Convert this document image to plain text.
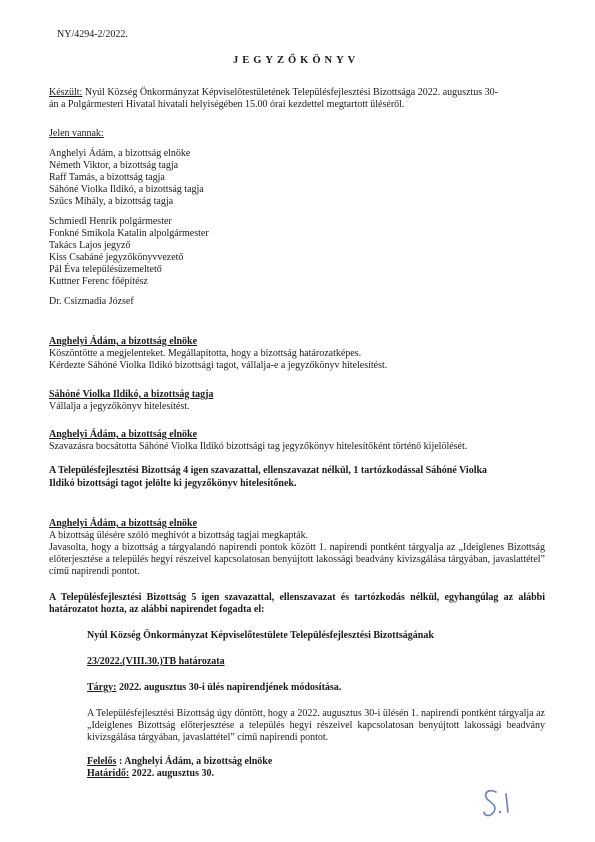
NY/4294-2/2022.
JEGYZŐKÖNYV
Készült: Nyúl Község Önkormányzat Képviselőtestületének Településfejlesztési Bizottsága 2022. augusztus 30-
án a Polgármesteri Hivatal hivatali helyiségében 15.00 órai kezdettel megtartott üléséről.
Jelen vannak:
Anghelyi Ádám, a bizottság elnöke
Németh Viktor, a bizottság tagja
Raff Tamás, a bizottság tagja
Sáhóné Violka Ildikó, a bizottság tagja
Szűcs Mihály, a bizottság tagja
Schmiedl Henrik polgármester
Fonkné Smikola Katalin alpolgármester
Takács Lajos jegyző
Kiss Csabáné jegyzőkönyvvezető
Pál Éva településüzemeltető
Kuttner Ferenc főépítész
Dr. Csizmadia József
Anghelyi Ádám, a bizottság elnöke
Köszöntötte a megjelenteket. Megállapította, hogy a bizottság határozatképes.
Kérdezte Sáhóné Violka Ildikó bizottsági tagot, vállalja-e a jegyzőkönyv hitelesítést.
Sáhóné Violka Ildikó, a bizottság tagja
Vállalja a jegyzőkönyv hitelesítést.
Anghelyi Ádám, a bizottság elnöke
Szavazásra bocsátotta Sáhóné Violka Ildikó bizottsági tag jegyzőkönyv hitelesítőként történő kijelölését.
A Településfejlesztési Bizottság 4 igen szavazattal, ellenszavazat nélkül, 1 tartózkodással Sáhóné Violka
Ildikó bizottsági tagot jelölte ki jegyzőkönyv hitelesítőnek.
Anghelyi Ádám, a bizottság elnöke
A bizottság ülésére szóló meghívót a bizottság tagjai megkapták.
Javasolta, hogy a bizottság a tárgyalandó napirendi pontok között 1. napirendi pontként tárgyalja az „Ideiglenes Bizottság előterjesztése a település hegyi részeivel kapcsolatosan benyújtott lakossági beadvány kivizsgálása tárgyában, javaslattétel” című napirendi pontot.
A Településfejlesztési Bizottság 5 igen szavazattal, ellenszavazat és tartózkodás nélkül, egyhangúlag az alábbi határozatot hozta, az alábbi napirendet fogadta el:
Nyúl Község Önkormányzat Képviselőtestülete Településfejlesztési Bizottságának
23/2022.(VIII.30.)TB határozata
Tárgy: 2022. augusztus 30-i ülés napirendjének módosítása.
A Településfejlesztési Bizottság úgy döntött, hogy a 2022. augusztus 30-i ülésén 1. napirendi pontként tárgyalja az „Ideiglenes Bizottság előterjesztése a település hegyi részeivel kapcsolatosan benyújtott lakossági beadvány kivizsgálása tárgyában, javaslattétel” című napirendi pontot.
Felelős : Anghelyi Ádám, a bizottság elnöke
Határidő: 2022. augusztus 30.
